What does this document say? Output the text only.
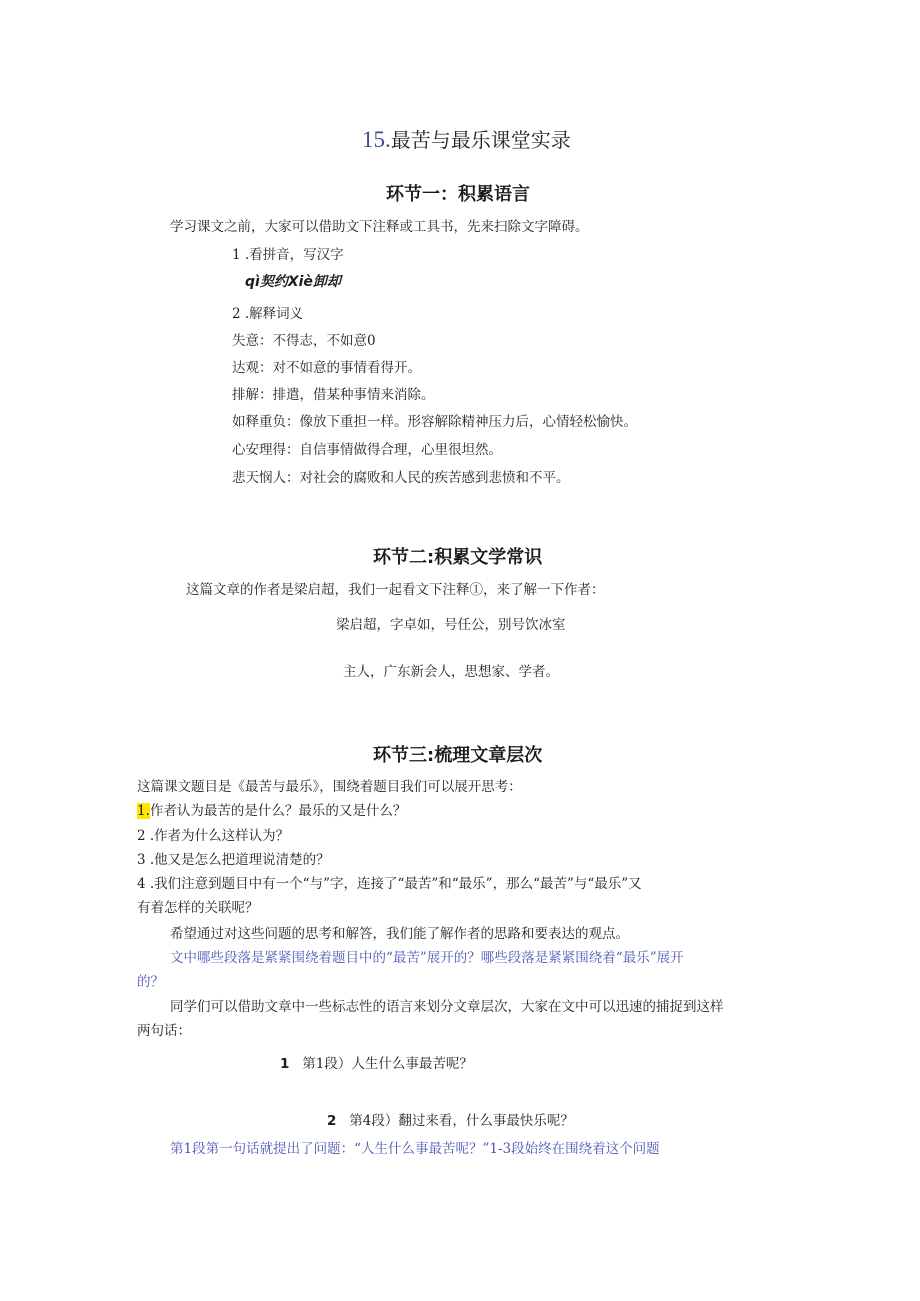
15.最苦与最乐课堂实录
环节一：积累语言
学习课文之前，大家可以借助文下注释或工具书，先来扫除文字障碍。
1 .看拼音，写汉字
qì契约Xiè卸却
2 .解释词义
失意：不得志，不如意0
达观：对不如意的事情看得开。
排解：排遣，借某种事情来消除。
如释重负：像放下重担一样。形容解除精神压力后，心情轻松愉快。
心安理得：自信事情做得合理，心里很坦然。
悲天悯人：对社会的腐败和人民的疾苦感到悲愤和不平。
环节二:积累文学常识
这篇文章的作者是梁启超，我们一起看文下注释①，来了解一下作者：
梁启超，字卓如，号任公，别号饮冰室
主人，广东新会人，思想家、学者。
环节三:梳理文章层次
这篇课文题目是《最苦与最乐》，围绕着题目我们可以展开思考：
1.作者认为最苦的是什么？最乐的又是什么？
2 .作者为什么这样认为？
3 .他又是怎么把道理说清楚的？
4 .我们注意到题目中有一个“与”字，连接了“最苦”和“最乐”，那么“最苦”与“最乐”又
有着怎样的关联呢？
希望通过对这些问题的思考和解答，我们能了解作者的思路和要表达的观点。
文中哪些段落是紧紧围绕着题目中的“最苦”展开的？哪些段落是紧紧围绕着“最乐”展开
的？
同学们可以借助文章中一些标志性的语言来划分文章层次，大家在文中可以迅速的捕捉到这样
两句话：
1 第1段）人生什么事最苦呢？
2 第4段）翻过来看，什么事最快乐呢？
第1段第一句话就提出了问题：“人生什么事最苦呢？”1-3段始终在围绕着这个问题
